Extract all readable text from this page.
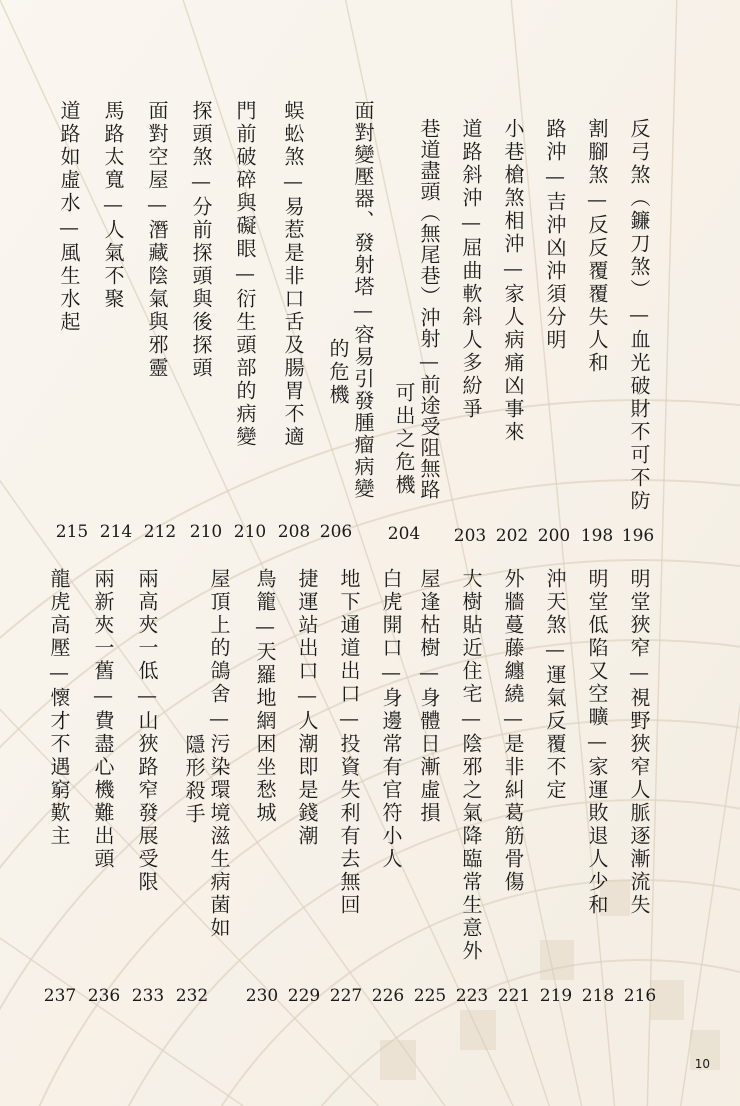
反弓煞（鐮刀煞）—血光破財不可不防
割腳煞—反反覆覆失人和
路沖—吉沖凶沖須分明
小巷槍煞相沖—家人病痛凶事來
道路斜沖—屈曲軟斜人多紛爭
巷道盡頭（無尾巷）沖射—前途受阻無路
可出之危機
面對變壓器、發射塔—容易引發腫瘤病變
的危機
蜈蚣煞—易惹是非口舌及腸胃不適
門前破碎與礙眼—衍生頭部的病變
探頭煞—分前探頭與後探頭
面對空屋—潛藏陰氣與邪靈
馬路太寬—人氣不聚
道路如虛水—風生水起
196
198
200
202
203
204
206
208
210
210
212
214
215
明堂狹窄—視野狹窄人脈逐漸流失
明堂低陷又空曠—家運敗退人少和
沖天煞—運氣反覆不定
外牆蔓藤纏繞—是非糾葛筋骨傷
大樹貼近住宅—陰邪之氣降臨常生意外
屋逢枯樹—身體日漸虛損
白虎開口—身邊常有官符小人
地下通道出口—投資失利有去無回
捷運站出口—人潮即是錢潮
鳥籠—天羅地網困坐愁城
屋頂上的鴿舍—污染環境滋生病菌如
隱形殺手
兩高夾一低—山狹路窄發展受限
兩新夾一舊—費盡心機難出頭
龍虎高壓—懷才不遇窮歎主
216
218
219
221
223
225
226
227
229
230
232
233
236
237
10
